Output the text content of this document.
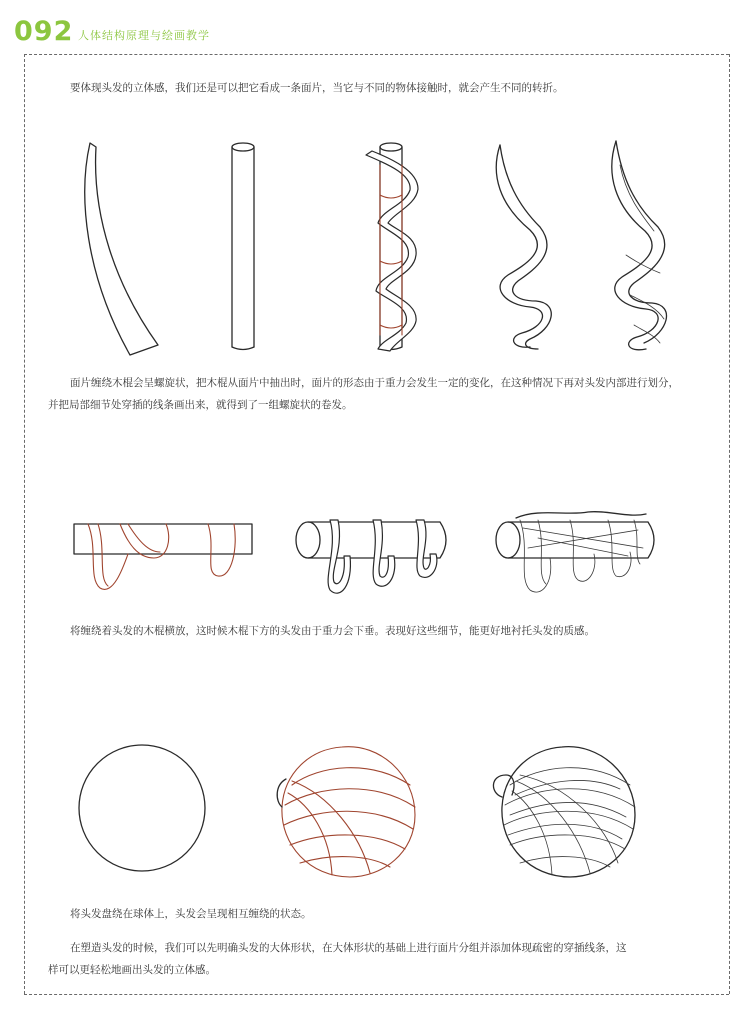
092 人体结构原理与绘画教学
要体现头发的立体感，我们还是可以把它看成一条面片，当它与不同的物体接触时，就会产生不同的转折。
面片缠绕木棍会呈螺旋状，把木棍从面片中抽出时，面片的形态由于重力会发生一定的变化，在这种情况下再对头发内部进行划分，
并把局部细节处穿插的线条画出来，就得到了一组螺旋状的卷发。
将缠绕着头发的木棍横放，这时候木棍下方的头发由于重力会下垂。表现好这些细节，能更好地衬托头发的质感。
将头发盘绕在球体上，头发会呈现相互缠绕的状态。
在塑造头发的时候，我们可以先明确头发的大体形状，在大体形状的基础上进行面片分组并添加体现疏密的穿插线条，这
样可以更轻松地画出头发的立体感。
